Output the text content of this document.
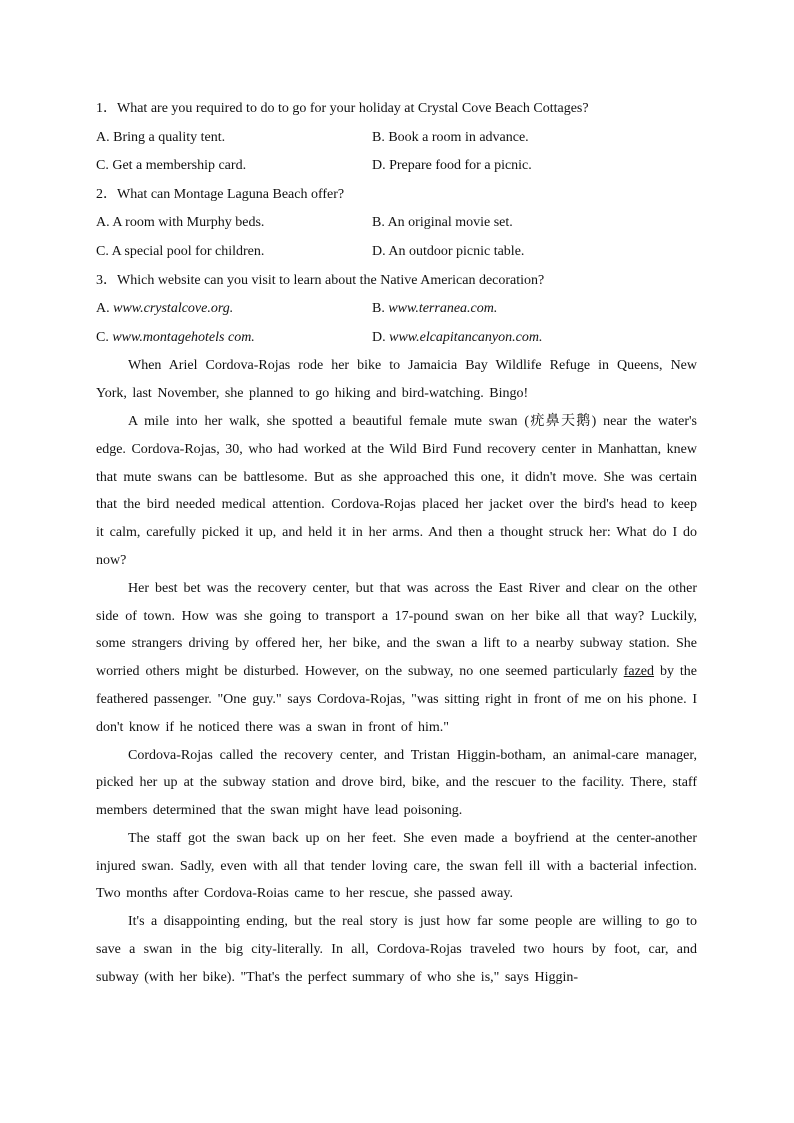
1．What are you required to do to go for your holiday at Crystal Cove Beach Cottages?
A. Bring a quality tent.	B. Book a room in advance.
C. Get a membership card.	D. Prepare food for a picnic.
2．What can Montage Laguna Beach offer?
A. A room with Murphy beds.	B. An original movie set.
C. A special pool for children.	D. An outdoor picnic table.
3．Which website can you visit to learn about the Native American decoration?
A. www.crystalcove.org.	B. www.terranea.com.
C. www.montagehotels com.	D. www.elcapitancanyon.com.

When Ariel Cordova-Rojas rode her bike to Jamaicia Bay Wildlife Refuge in Queens, New York, last November, she planned to go hiking and bird-watching. Bingo!

A mile into her walk, she spotted a beautiful female mute swan (疣鼻天鹅) near the water's edge. Cordova-Rojas, 30, who had worked at the Wild Bird Fund recovery center in Manhattan, knew that mute swans can be battlesome. But as she approached this one, it didn't move. She was certain that the bird needed medical attention. Cordova-Rojas placed her jacket over the bird's head to keep it calm, carefully picked it up, and held it in her arms. And then a thought struck her: What do I do now?

Her best bet was the recovery center, but that was across the East River and clear on the other side of town. How was she going to transport a 17-pound swan on her bike all that way? Luckily, some strangers driving by offered her, her bike, and the swan a lift to a nearby subway station. She worried others might be disturbed. However, on the subway, no one seemed particularly fazed by the feathered passenger. "One guy." says Cordova-Rojas, "was sitting right in front of me on his phone. I don't know if he noticed there was a swan in front of him."

Cordova-Rojas called the recovery center, and Tristan Higgin-botham, an animal-care manager, picked her up at the subway station and drove bird, bike, and the rescuer to the facility. There, staff members determined that the swan might have lead poisoning.

The staff got the swan back up on her feet. She even made a boyfriend at the center-another injured swan. Sadly, even with all that tender loving care, the swan fell ill with a bacterial infection. Two months after Cordova-Roias came to her rescue, she passed away.

It's a disappointing ending, but the real story is just how far some people are willing to go to save a swan in the big city-literally. In all, Cordova-Rojas traveled two hours by foot, car, and subway (with her bike). "That's the perfect summary of who she is," says Higgin-
